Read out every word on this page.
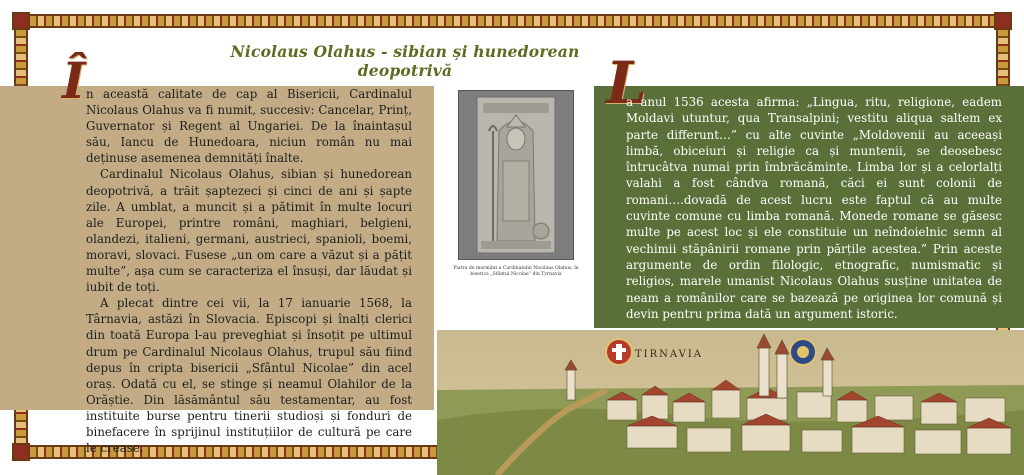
Nicolaus Olahus - sibian și hunedorean deopotrivă
Î n această calitate de cap al Bisericii, Cardinalul Nicolaus Olahus va fi numit, succesiv: Cancelar, Prinț, Guvernator și Regent al Ungariei. De la înaintașul său, Iancu de Hunedoara, niciun român nu mai deținuse asemenea demnități înalte.

Cardinalul Nicolaus Olahus, sibian și hunedorean deopotrivă, a trăit șaptezeci și cinci de ani și șapte zile. A umblat, a muncit și a pătimit în multe locuri ale Europei, printre români, maghiari, belgieni, olandezi, italieni, germani, austrieci, spanioli, boemi, moravi, slovaci. Fusese „un om care a văzut și a pățit multe”, așa cum se caracteriza el însuși, dar lăudat și iubit de toți.

A plecat dintre cei vii, la 17 ianuarie 1568, la Târnavia, astăzi în Slovacia. Episcopi și înalți clerici din toată Europa l-au preveghiat și însoțit pe ultimul drum pe Cardinalul Nicolaus Olahus, trupul său fiind depus în cripta bisericii „Sfântul Nicolae” din acel oraș. Odată cu el, se stinge și neamul Olahilor de la Orăștie. Din lăsământul său testamentar, au fost instituite burse pentru tinerii studioși și fonduri de binefacere în sprijinul instituțiilor de cultură pe care le crease.

Piatra de mormânt a Cardinalului Nicolaus Olahus, în biserica „Sfântul Nicolae” din Tyrnavia
L

a anul 1536 acesta afirma: „Lingua, ritu, religione, eadem Moldavi utuntur, qua Transalpini; vestitu aliqua saltem ex parte differunt…” cu alte cuvinte „Moldovenii au aceeași limbă, obiceiuri și religie ca și muntenii, se deosebesc întrucâtva numai prin îmbrăcăminte. Limba lor și a celorlalți valahi a fost cândva romană, căci ei sunt colonii de romani….dovadă de acest lucru este faptul că au multe cuvinte comune cu limba romană. Monede romane se găsesc multe pe acest loc și ele constituie un neîndoielnic semn al vechimii stăpânirii romane prin părțile acestea.” Prin aceste argumente de ordin filologic, etnografic, numismatic și religios, marele umanist Nicolaus Olahus susține unitatea de neam a românilor care se bazează pe originea lor comună și devin pentru prima dată un argument istoric.

TIRNAVIA
